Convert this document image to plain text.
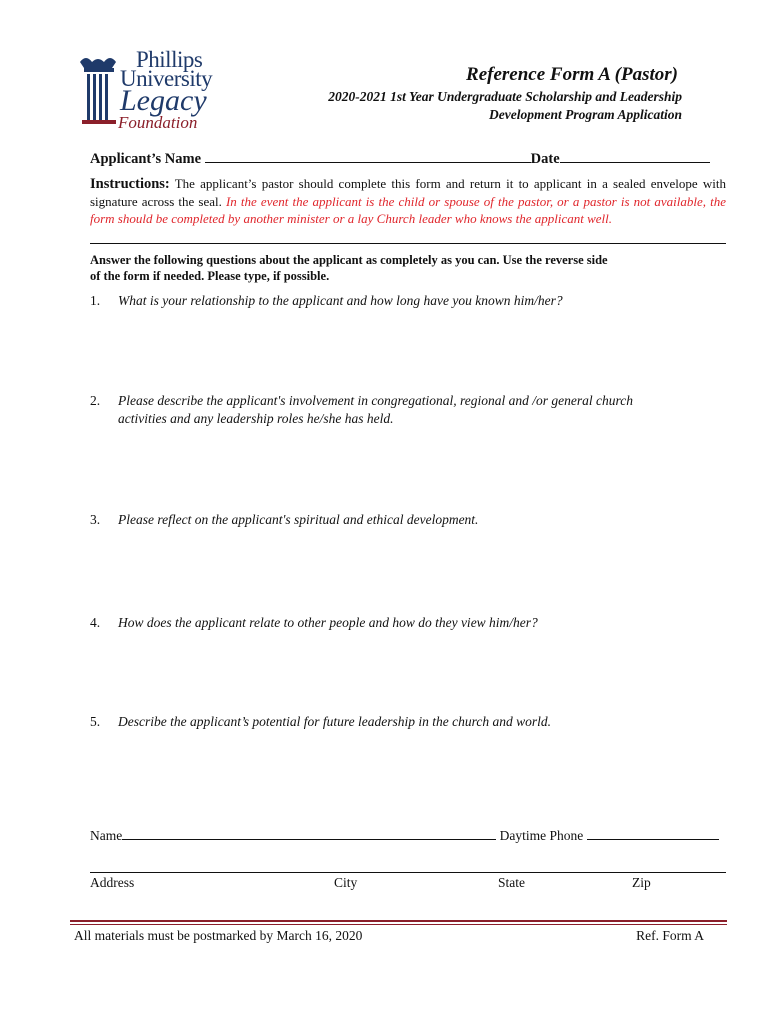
Phillips
University
Legacy
Foundation
Reference Form A (Pastor)
2020-2021 1st Year Undergraduate Scholarship and Leadership
Development Program Application
Applicant’s Name	Date
Instructions: The applicant’s pastor should complete this form and return it to applicant in a sealed envelope with signature across the seal. In the event the applicant is the child or spouse of the pastor, or a pastor is not available, the form should be completed by another minister or a lay Church leader who knows the applicant well.
Answer the following questions about the applicant as completely as you can. Use the reverse side
of the form if needed. Please type, if possible.
1. What is your relationship to the applicant and how long have you known him/her?
2. Please describe the applicant's involvement in congregational, regional and /or general church activities and any leadership roles he/she has held.
3. Please reflect on the applicant's spiritual and ethical development.
4. How does the applicant relate to other people and how do they view him/her?
5. Describe the applicant’s potential for future leadership in the church and world.
Name	Daytime Phone
Address	City	State	Zip
All materials must be postmarked by March 16, 2020	Ref. Form A
